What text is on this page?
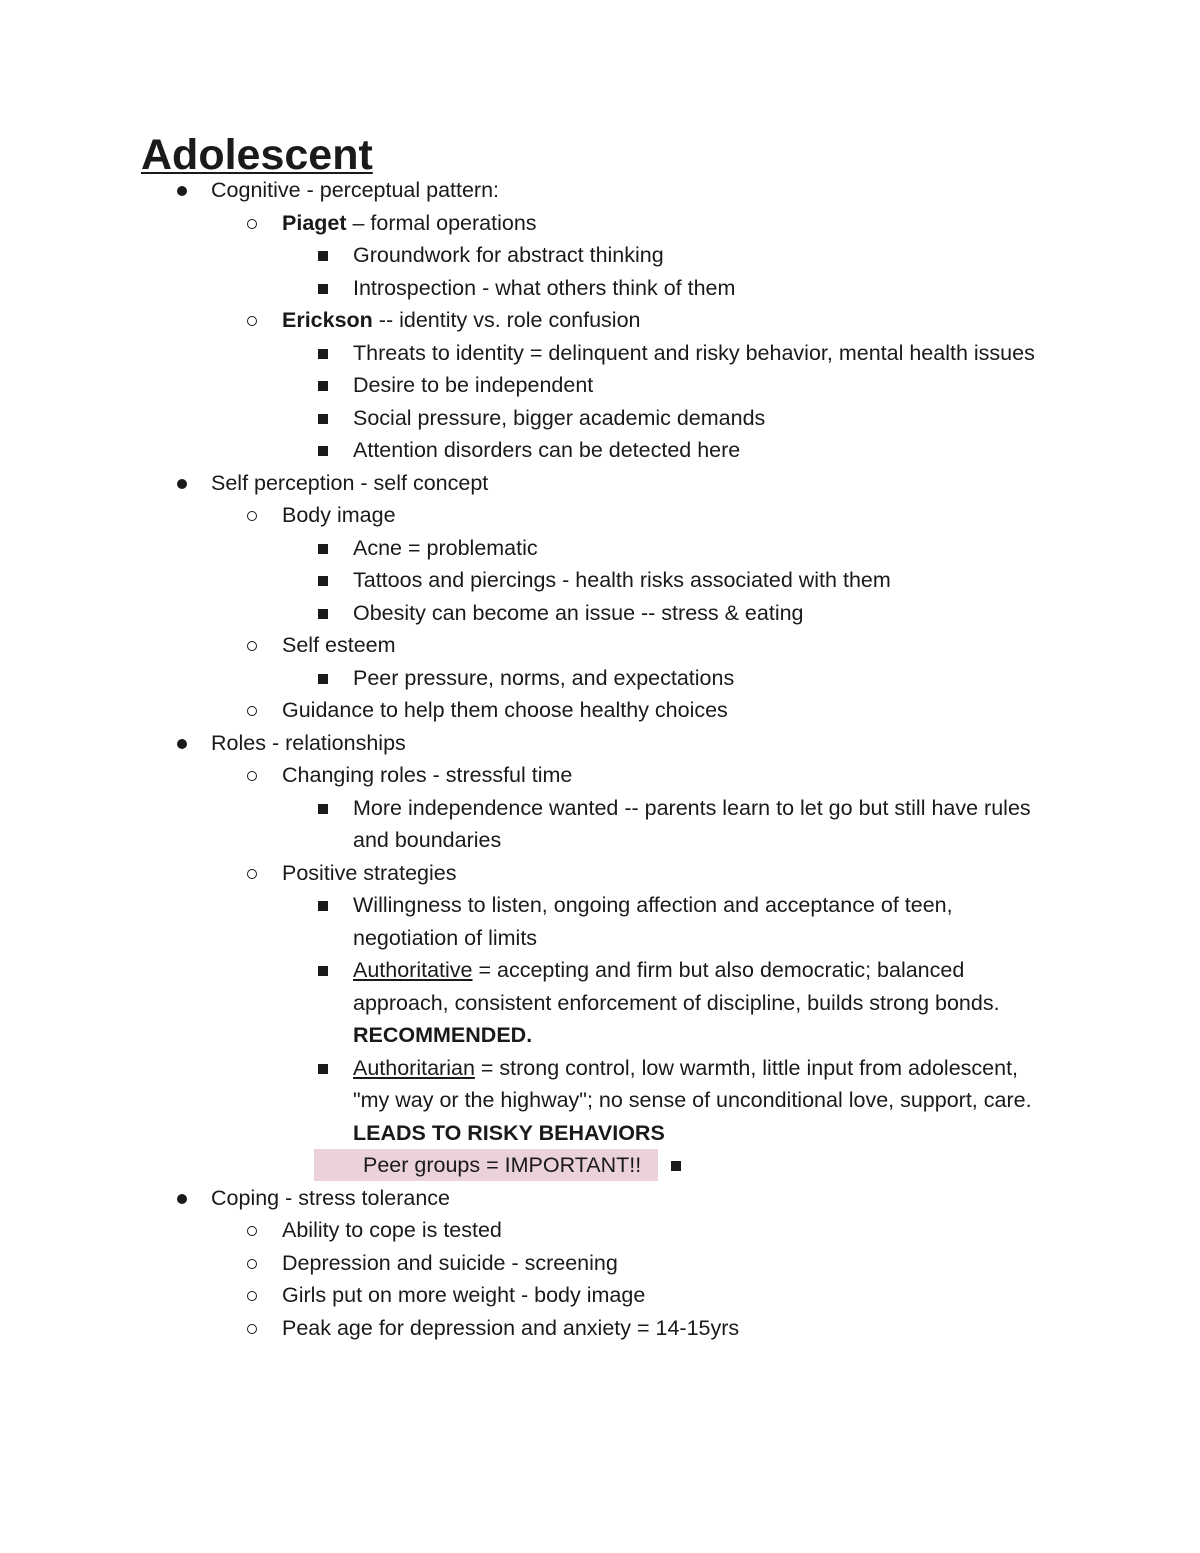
Adolescent
Cognitive - perceptual pattern:
Piaget – formal operations
Groundwork for abstract thinking
Introspection - what others think of them
Erickson -- identity vs. role confusion
Threats to identity = delinquent and risky behavior, mental health issues
Desire to be independent
Social pressure, bigger academic demands
Attention disorders can be detected here
Self perception - self concept
Body image
Acne = problematic
Tattoos and piercings - health risks associated with them
Obesity can become an issue -- stress & eating
Self esteem
Peer pressure, norms, and expectations
Guidance to help them choose healthy choices
Roles - relationships
Changing roles - stressful time
More independence wanted -- parents learn to let go but still have rules and boundaries
Positive strategies
Willingness to listen, ongoing affection and acceptance of teen, negotiation of limits
Authoritative = accepting and firm but also democratic; balanced approach, consistent enforcement of discipline, builds strong bonds. RECOMMENDED.
Authoritarian = strong control, low warmth, little input from adolescent, "my way or the highway"; no sense of unconditional love, support, care. LEADS TO RISKY BEHAVIORS
Peer groups = IMPORTANT!!
Coping - stress tolerance
Ability to cope is tested
Depression and suicide - screening
Girls put on more weight - body image
Peak age for depression and anxiety = 14-15yrs
